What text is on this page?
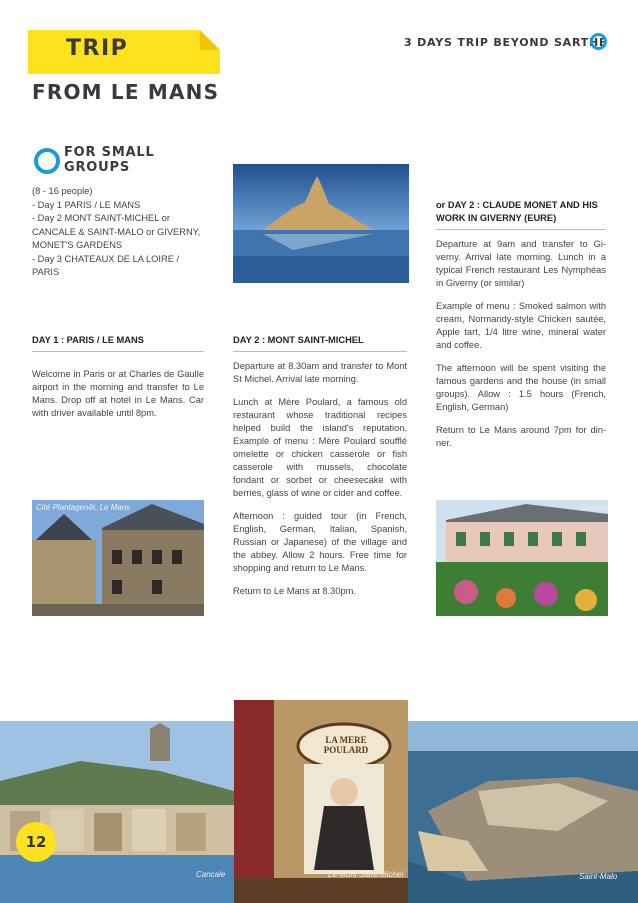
TRIP
FROM LE MANS
3 DAYS TRIP BEYOND SARTHE
FOR SMALL
GROUPS
(8 - 16 people)
- Day 1 PARIS / LE MANS
- Day 2 MONT SAINT-MICHEL or
CANCALE & SAINT-MALO or GIVERNY,
MONET'S GARDENS
- Day 3 CHATEAUX DE LA LOIRE / PARIS
DAY 1 : PARIS / LE MANS
Welcome in Paris or at Charles de Gaulle airport in the morning and transfer to Le Mans. Drop off at hotel in Le Mans. Car with driver available until 8pm.
DAY 2 : MONT SAINT-MICHEL
Departure at 8.30am and transfer to Mont St Michel. Arrival late morning.
Lunch at Mère Poulard, a famous old restaurant whose traditional recipes helped build the island's reputation. Example of menu : Mère Poulard soufflé omelette or chicken casserole or fish casserole with mussels, chocolate fondant or sorbet or cheesecake with berries, glass of wine or cider and coffee.
Afternoon : guided tour (in French, English, German, Italian, Spanish, Russian or Japanese) of the village and the abbey. Allow 2 hours. Free time for shopping and return to Le Mans.
Return to Le Mans at 8.30pm.
or DAY 2 : CLAUDE MONET AND HIS WORK IN GIVERNY (EURE)
Departure at 9am and transfer to Gi-verny. Arrival late morning. Lunch in a typical French restaurant Les Nymphéas in Giverny (or similar)
Example of menu : Smoked salmon with cream, Normandy-style Chicken sautée, Apple tart, 1/4 litre wine, mineral water and coffee.
The afternoon will be spent visiting the famous gardens and the house (in small groups). Allow : 1.5 hours (French, English, German)
Return to Le Mans around 7pm for din-ner.
Cité Plantagenêt, Le Mans	Giverny
LA MERE POULARD
Cancale	Le Mont Saint-Michel	Saint-Malo
12
